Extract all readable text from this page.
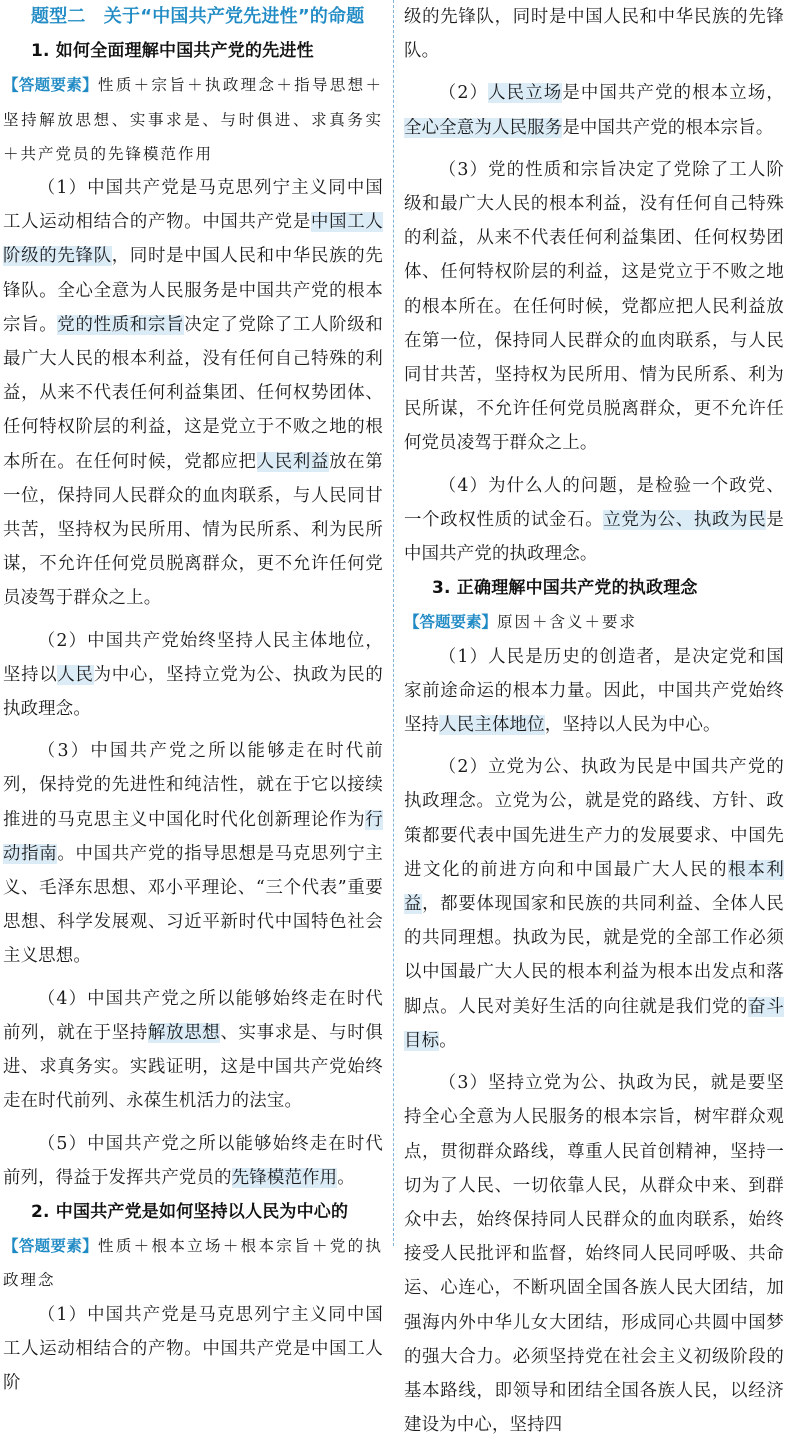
题型二　关于“中国共产党先进性”的命题
1. 如何全面理解中国共产党的先进性

【答题要素】性质＋宗旨＋执政理念＋指导思想＋坚持解放思想、实事求是、与时俱进、求真务实＋共产党员的先锋模范作用

（1）中国共产党是马克思列宁主义同中国工人运动相结合的产物。中国共产党是中国工人阶级的先锋队，同时是中国人民和中华民族的先锋队。全心全意为人民服务是中国共产党的根本宗旨。党的性质和宗旨决定了党除了工人阶级和最广大人民的根本利益，没有任何自己特殊的利益，从来不代表任何利益集团、任何权势团体、任何特权阶层的利益，这是党立于不败之地的根本所在。在任何时候，党都应把人民利益放在第一位，保持同人民群众的血肉联系，与人民同甘共苦，坚持权为民所用、情为民所系、利为民所谋，不允许任何党员脱离群众，更不允许任何党员凌驾于群众之上。

（2）中国共产党始终坚持人民主体地位，坚持以人民为中心，坚持立党为公、执政为民的执政理念。

（3）中国共产党之所以能够走在时代前列，保持党的先进性和纯洁性，就在于它以接续推进的马克思主义中国化时代化创新理论作为行动指南。中国共产党的指导思想是马克思列宁主义、毛泽东思想、邓小平理论、“三个代表”重要思想、科学发展观、习近平新时代中国特色社会主义思想。

（4）中国共产党之所以能够始终走在时代前列，就在于坚持解放思想、实事求是、与时俱进、求真务实。实践证明，这是中国共产党始终走在时代前列、永葆生机活力的法宝。

（5）中国共产党之所以能够始终走在时代前列，得益于发挥共产党员的先锋模范作用。

2. 中国共产党是如何坚持以人民为中心的

【答题要素】性质＋根本立场＋根本宗旨＋党的执政理念

（1）中国共产党是马克思列宁主义同中国工人运动相结合的产物。中国共产党是中国工人阶

级的先锋队，同时是中国人民和中华民族的先锋队。

（2）人民立场是中国共产党的根本立场，全心全意为人民服务是中国共产党的根本宗旨。

（3）党的性质和宗旨决定了党除了工人阶级和最广大人民的根本利益，没有任何自己特殊的利益，从来不代表任何利益集团、任何权势团体、任何特权阶层的利益，这是党立于不败之地的根本所在。在任何时候，党都应把人民利益放在第一位，保持同人民群众的血肉联系，与人民同甘共苦，坚持权为民所用、情为民所系、利为民所谋，不允许任何党员脱离群众，更不允许任何党员凌驾于群众之上。

（4）为什么人的问题，是检验一个政党、一个政权性质的试金石。立党为公、执政为民是中国共产党的执政理念。

3. 正确理解中国共产党的执政理念

【答题要素】原因＋含义＋要求

（1）人民是历史的创造者，是决定党和国家前途命运的根本力量。因此，中国共产党始终坚持人民主体地位，坚持以人民为中心。

（2）立党为公、执政为民是中国共产党的执政理念。立党为公，就是党的路线、方针、政策都要代表中国先进生产力的发展要求、中国先进文化的前进方向和中国最广大人民的根本利益，都要体现国家和民族的共同利益、全体人民的共同理想。执政为民，就是党的全部工作必须以中国最广大人民的根本利益为根本出发点和落脚点。人民对美好生活的向往就是我们党的奋斗目标。

（3）坚持立党为公、执政为民，就是要坚持全心全意为人民服务的根本宗旨，树牢群众观点，贯彻群众路线，尊重人民首创精神，坚持一切为了人民、一切依靠人民，从群众中来、到群众中去，始终保持同人民群众的血肉联系，始终接受人民批评和监督，始终同人民同呼吸、共命运、心连心，不断巩固全国各族人民大团结，加强海内外中华儿女大团结，形成同心共圆中国梦的强大合力。必须坚持党在社会主义初级阶段的基本路线，即领导和团结全国各族人民，以经济建设为中心，坚持四
